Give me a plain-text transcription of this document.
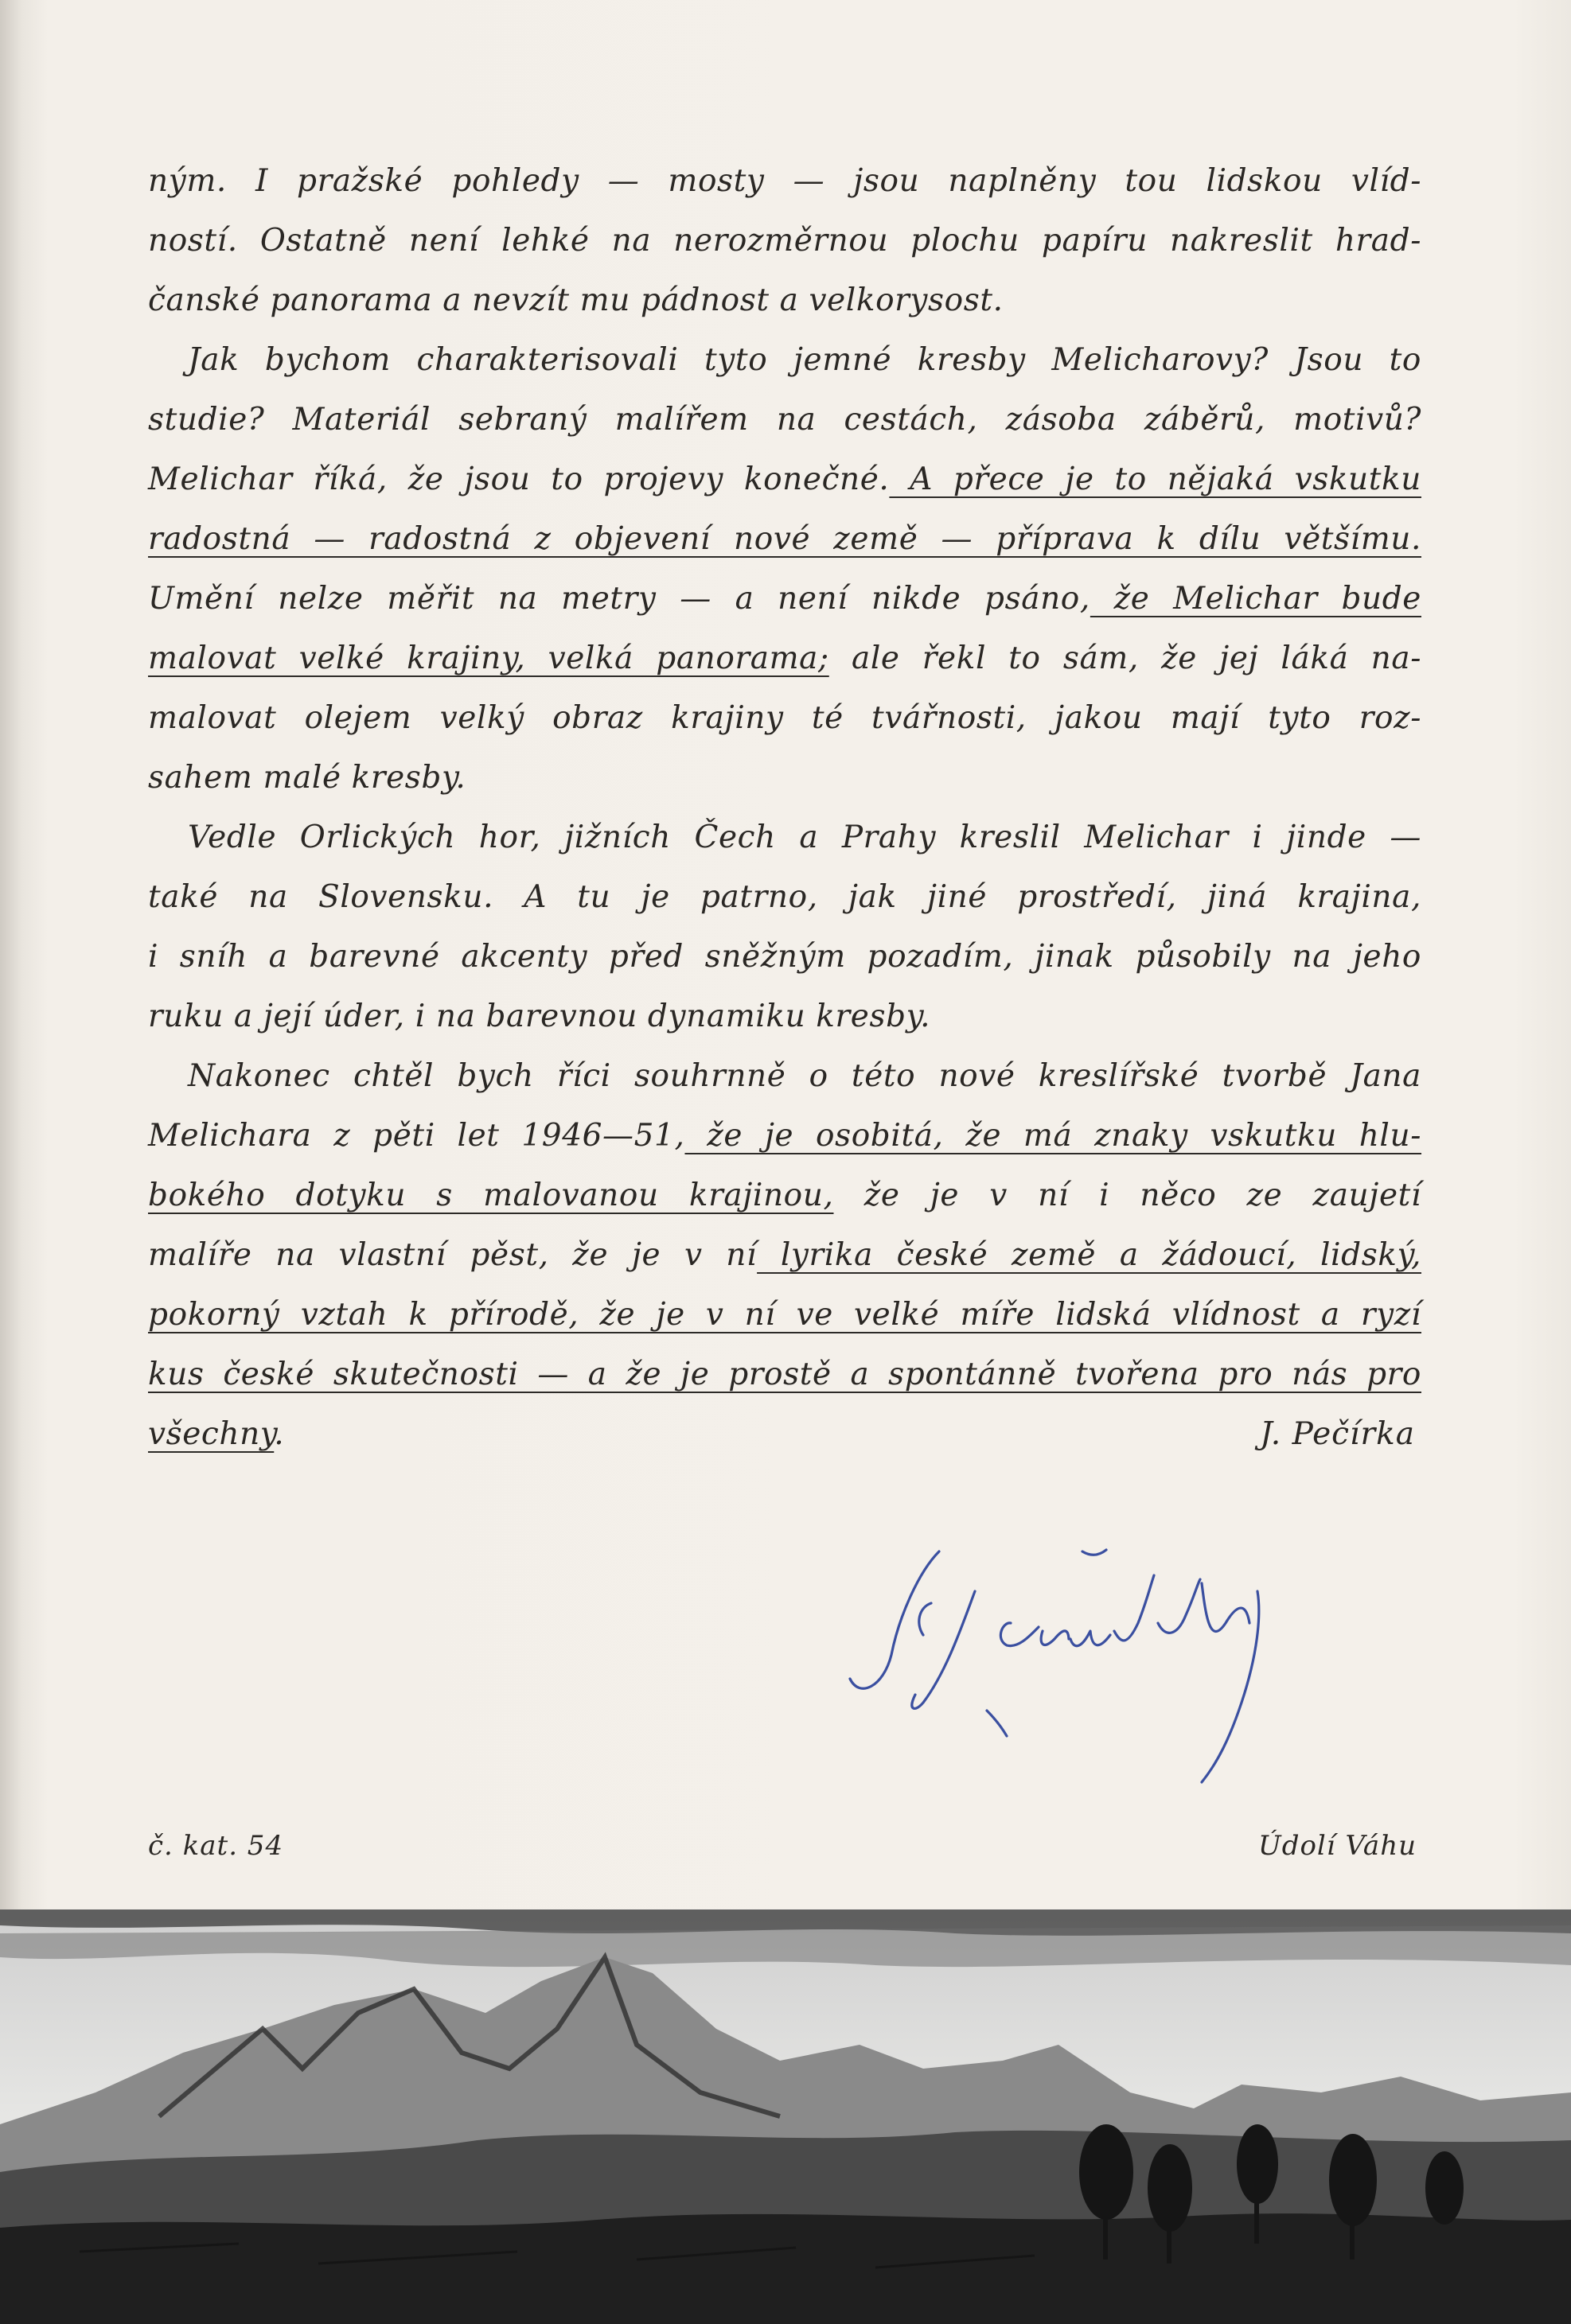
ným. I pražské pohledy — mosty — jsou naplněny tou lidskou vlíd-
ností. Ostatně není lehké na nerozměrnou plochu papíru nakreslit hrad-
čanské panorama a nevzít mu pádnost a velkorysost.
Jak bychom charakterisovali tyto jemné kresby Melicharovy? Jsou to
studie? Materiál sebraný malířem na cestách, zásoba záběrů, motivů?
Melichar říká, že jsou to projevy konečné. A přece je to nějaká vskutku
radostná — radostná z objevení nové země — příprava k dílu většímu.
Umění nelze měřit na metry — a není nikde psáno, že Melichar bude
malovat velké krajiny, velká panorama; ale řekl to sám, že jej láká na-
malovat olejem velký obraz krajiny té tvářnosti, jakou mají tyto roz-
sahem malé kresby.
Vedle Orlických hor, jižních Čech a Prahy kreslil Melichar i jinde —
také na Slovensku. A tu je patrno, jak jiné prostředí, jiná krajina,
i sníh a barevné akcenty před sněžným pozadím, jinak působily na jeho
ruku a její úder, i na barevnou dynamiku kresby.
Nakonec chtěl bych říci souhrnně o této nové kreslířské tvorbě Jana
Melichara z pěti let 1946—51, že je osobitá, že má znaky vskutku hlu-
bokého dotyku s malovanou krajinou, že je v ní i něco ze zaujetí
malíře na vlastní pěst, že je v ní lyrika české země a žádoucí, lidský,
pokorný vztah k přírodě, že je v ní ve velké míře lidská vlídnost a ryzí
kus české skutečnosti — a že je prostě a spontánně tvořena pro nás pro
všechny.	J. Pečírka
č. kat. 54	Údolí Váhu
